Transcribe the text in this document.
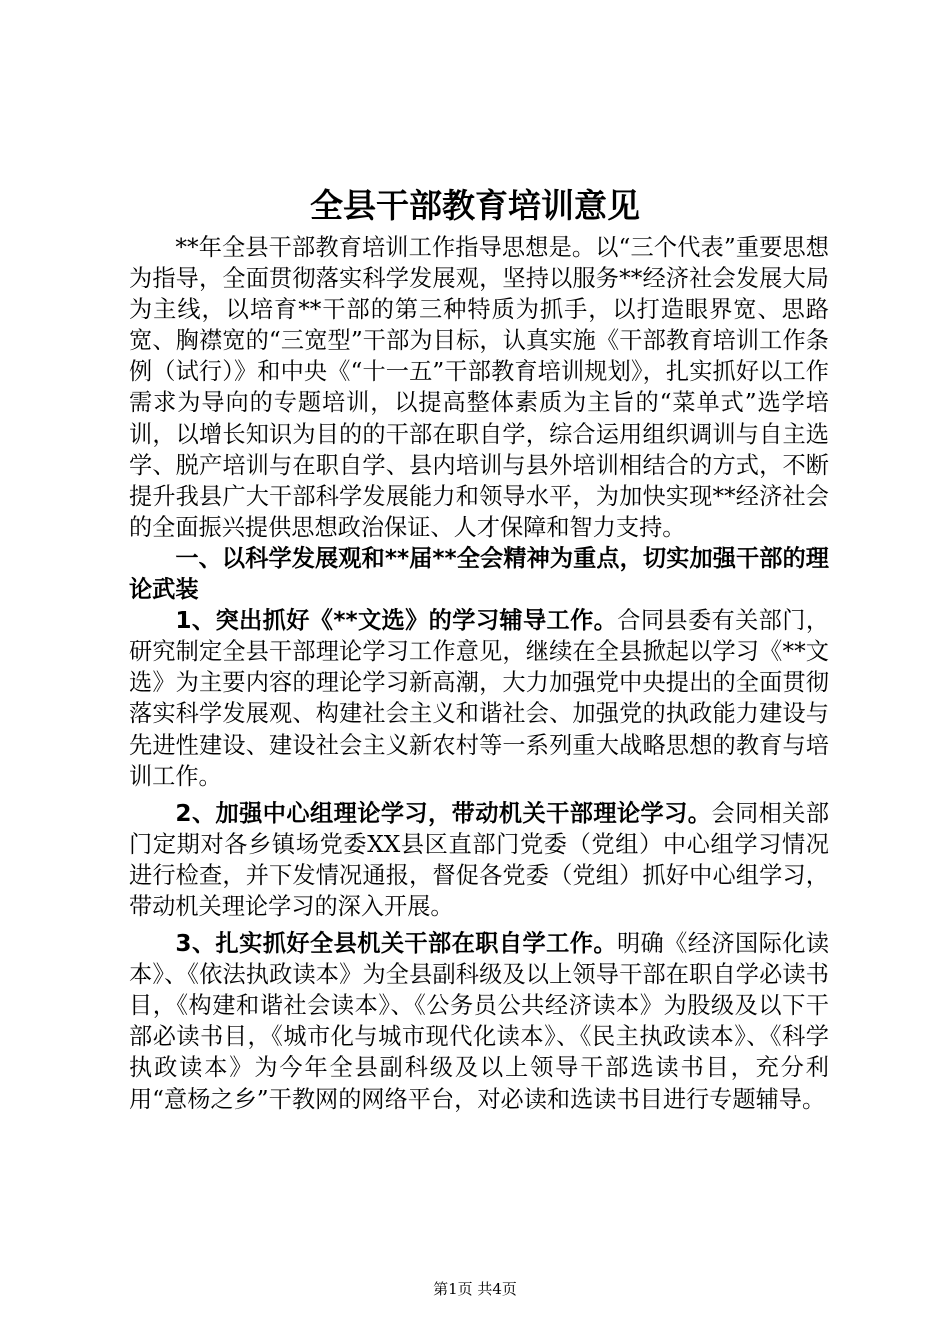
全县干部教育培训意见

**年全县干部教育培训工作指导思想是。以“三个代表”重要思想为指导，全面贯彻落实科学发展观，坚持以服务**经济社会发展大局为主线，以培育**干部的第三种特质为抓手，以打造眼界宽、思路宽、胸襟宽的“三宽型”干部为目标，认真实施《干部教育培训工作条例（试行）》和中央《“十一五”干部教育培训规划》，扎实抓好以工作需求为导向的专题培训，以提高整体素质为主旨的“菜单式”选学培训，以增长知识为目的的干部在职自学，综合运用组织调训与自主选学、脱产培训与在职自学、县内培训与县外培训相结合的方式，不断提升我县广大干部科学发展能力和领导水平，为加快实现**经济社会的全面振兴提供思想政治保证、人才保障和智力支持。

一、以科学发展观和**届**全会精神为重点，切实加强干部的理论武装

1、突出抓好《**文选》的学习辅导工作。合同县委有关部门，研究制定全县干部理论学习工作意见，继续在全县掀起以学习《**文选》为主要内容的理论学习新高潮，大力加强党中央提出的全面贯彻落实科学发展观、构建社会主义和谐社会、加强党的执政能力建设与先进性建设、建设社会主义新农村等一系列重大战略思想的教育与培训工作。

2、加强中心组理论学习，带动机关干部理论学习。会同相关部门定期对各乡镇场党委XX县区直部门党委（党组）中心组学习情况进行检查，并下发情况通报，督促各党委（党组）抓好中心组学习，带动机关理论学习的深入开展。

3、扎实抓好全县机关干部在职自学工作。明确《经济国际化读本》、《依法执政读本》为全县副科级及以上领导干部在职自学必读书目，《构建和谐社会读本》、《公务员公共经济读本》为股级及以下干部必读书目，《城市化与城市现代化读本》、《民主执政读本》、《科学执政读本》为今年全县副科级及以上领导干部选读书目，充分利用“意杨之乡”干教网的网络平台，对必读和选读书目进行专题辅导。

第1页 共4页
